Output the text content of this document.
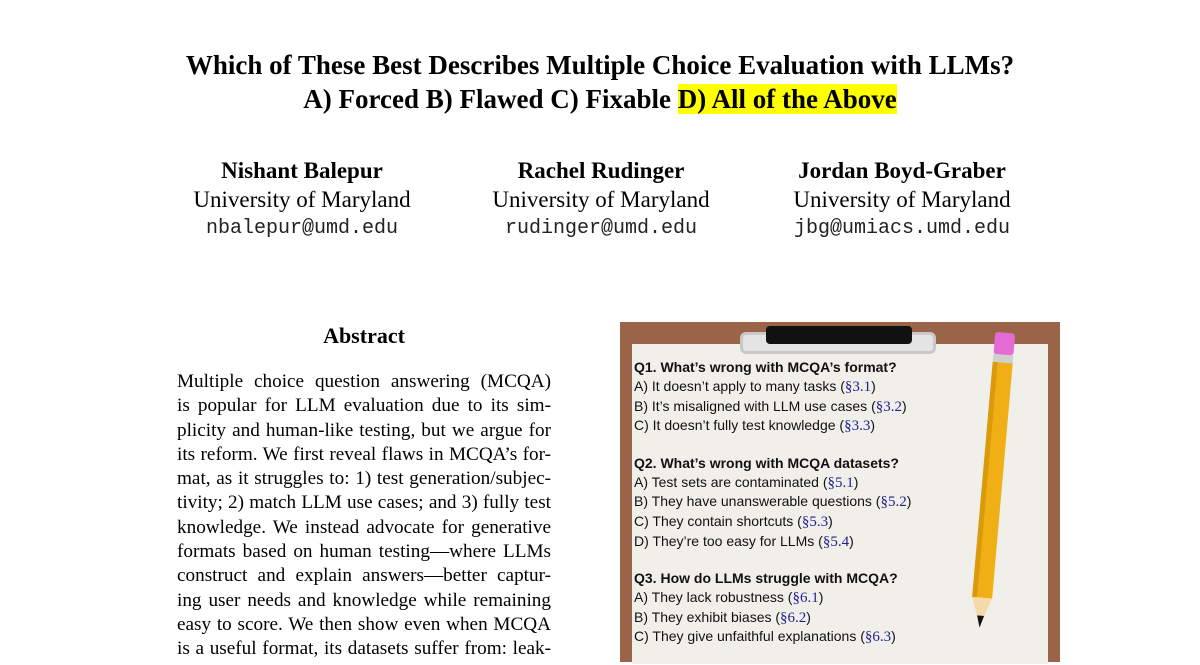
Which of These Best Describes Multiple Choice Evaluation with LLMs?
A) Forced B) Flawed C) Fixable D) All of the Above
Nishant Balepur
University of Maryland
nbalepur@umd.edu
Rachel Rudinger
University of Maryland
rudinger@umd.edu
Jordan Boyd-Graber
University of Maryland
jbg@umiacs.umd.edu
Abstract
Multiple choice question answering (MCQA)
is popular for LLM evaluation due to its sim-
plicity and human-like testing, but we argue for
its reform. We first reveal flaws in MCQA’s for-
mat, as it struggles to: 1) test generation/subjec-
tivity; 2) match LLM use cases; and 3) fully test
knowledge. We instead advocate for generative
formats based on human testing—where LLMs
construct and explain answers—better captur-
ing user needs and knowledge while remaining
easy to score. We then show even when MCQA
is a useful format, its datasets suffer from: leak-
Q1. What’s wrong with MCQA’s format?
A) It doesn’t apply to many tasks (§3.1)
B) It’s misaligned with LLM use cases (§3.2)
C) It doesn’t fully test knowledge (§3.3)
Q2. What’s wrong with MCQA datasets?
A) Test sets are contaminated (§5.1)
B) They have unanswerable questions (§5.2)
C) They contain shortcuts (§5.3)
D) They’re too easy for LLMs (§5.4)
Q3. How do LLMs struggle with MCQA?
A) They lack robustness (§6.1)
B) They exhibit biases (§6.2)
C) They give unfaithful explanations (§6.3)
